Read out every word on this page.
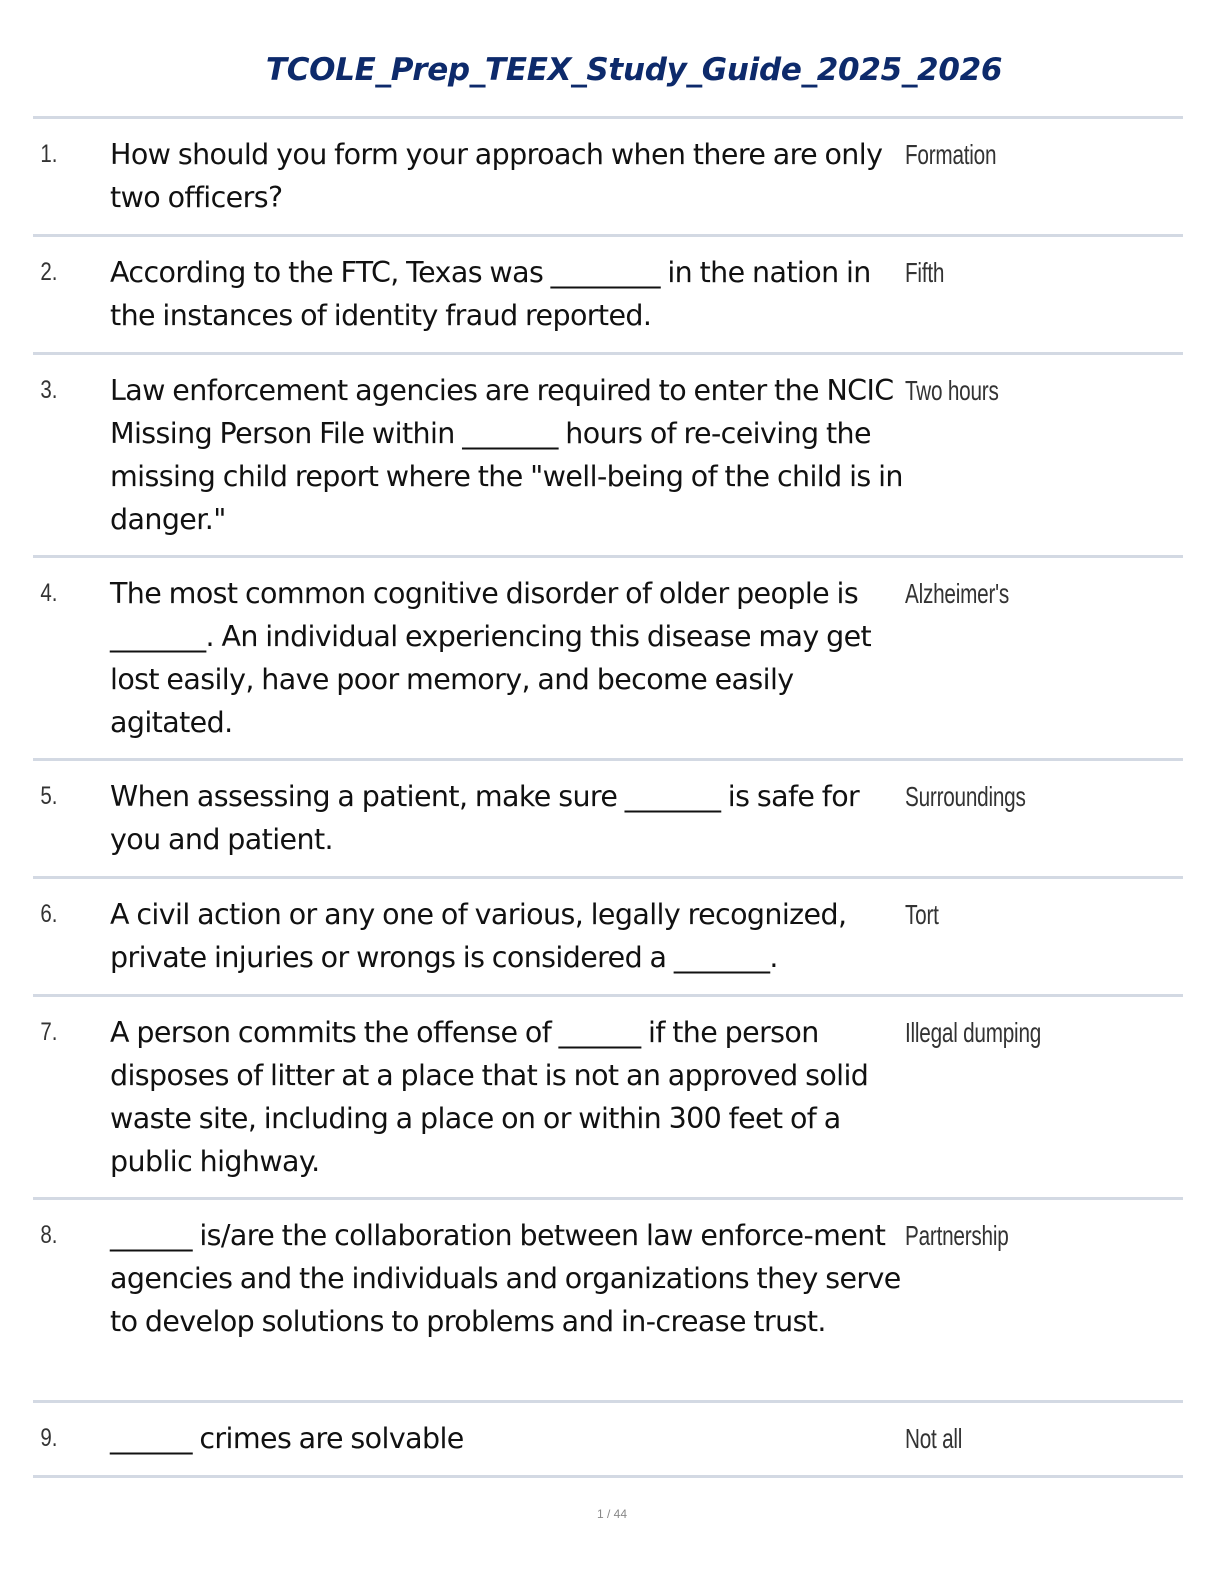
TCOLE_Prep_TEEX_Study_Guide_2025_2026
1.	How should you form your approach when there are only two officers?
Formation
2.	According to the FTC, Texas was ________ in the nation in the instances of identity fraud reported.
Fifth
3.	Law enforcement agencies are required to enter the NCIC Missing Person File within _______ hours of re-ceiving the missing child report where the "well-being of the child is in danger."
Two hours
4.	The most common cognitive disorder of older people is _______. An individual experiencing this disease may get lost easily, have poor memory, and become easily agitated.
Alzheimer's
5.	When assessing a patient, make sure _______ is safe for you and patient.
Surroundings
6.	A civil action or any one of various, legally recognized, private injuries or wrongs is considered a _______.
Tort
7.	A person commits the offense of ______ if the person disposes of litter at a place that is not an approved solid waste site, including a place on or within 300 feet of a public highway.
Illegal dumping
8.	______ is/are the collaboration between law enforce-ment agencies and the individuals and organizations they serve to develop solutions to problems and in-crease trust.
Partnership
9.	______ crimes are solvable	Not all
1 / 44
